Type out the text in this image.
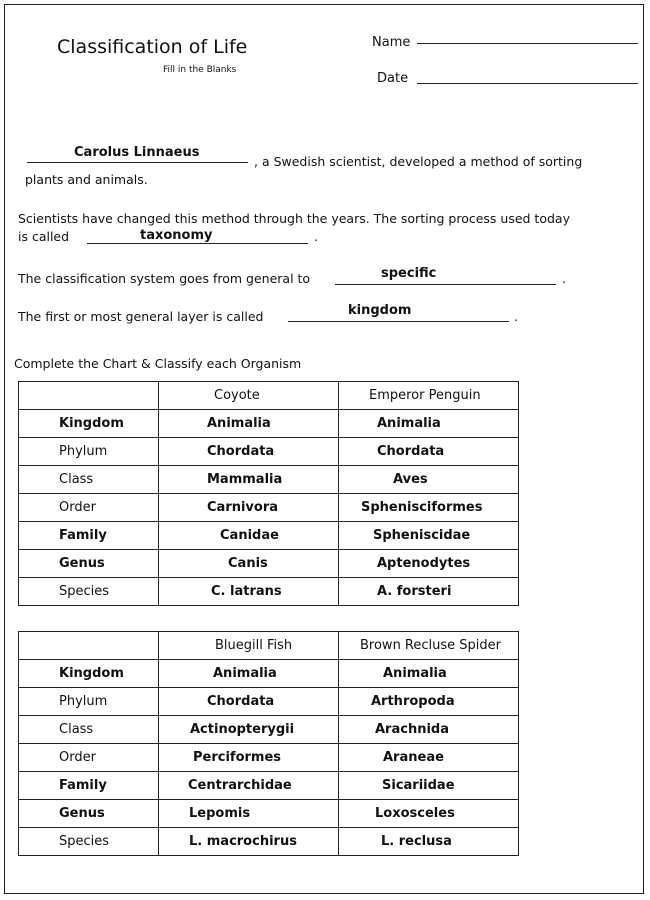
Classification of Life
Fill in the Blanks
Name
Date
Carolus Linnaeus
, a Swedish scientist, developed a method of sorting
plants and animals.
Scientists have changed this method through the years. The sorting process used today
is called	taxonomy	.
The classification system goes from general to	specific	.
The first or most general layer is called	kingdom	.
Complete the Chart & Classify each Organism
	Coyote	Emperor Penguin
Kingdom	Animalia	Animalia
Phylum	Chordata	Chordata
Class	Mammalia	Aves
Order	Carnivora	Sphenisciformes
Family	Canidae	Spheniscidae
Genus	Canis	Aptenodytes
Species	C. latrans	A. forsteri
	Bluegill Fish	Brown Recluse Spider
Kingdom	Animalia	Animalia
Phylum	Chordata	Arthropoda
Class	Actinopterygii	Arachnida
Order	Perciformes	Araneae
Family	Centrarchidae	Sicariidae
Genus	Lepomis	Loxosceles
Species	L. macrochirus	L. reclusa
